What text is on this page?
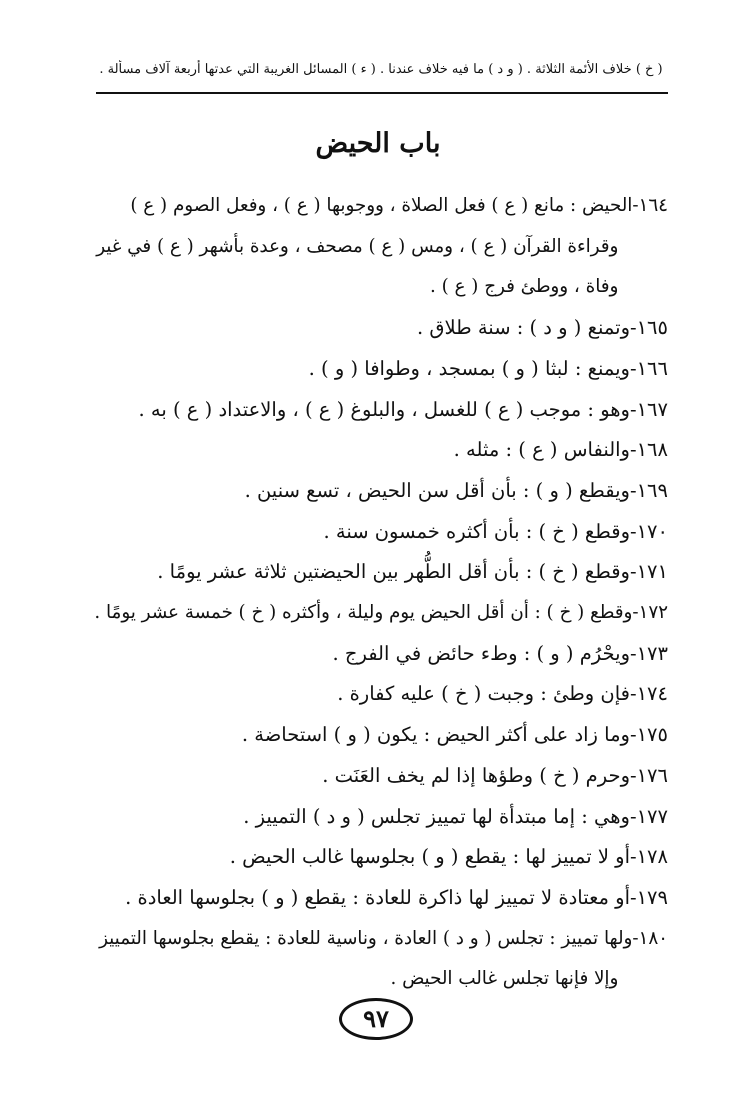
( خ ) خلاف الأئمة الثلاثة . ( و د ) ما فيه خلاف عندنا . ( ء ) المسائل الغريبة التي عدتها أربعة آلاف مسألة .
باب الحيض
١٦٤-
الحيض : مانع ( ع ) فعل الصلاة ، ووجوبها ( ع ) ، وفعل الصوم ( ع )
وقراءة القرآن ( ع ) ، ومس ( ع ) مصحف ، وعدة بأشهر ( ع ) في غير
وفاة ، ووطئ فرج ( ع ) .
١٦٥-
وتمنع ( و د ) : سنة طلاق .
١٦٦-
ويمنع : لبثا ( و ) بمسجد ، وطوافا ( و ) .
١٦٧-
وهو : موجب ( ع ) للغسل ، والبلوغ ( ع ) ، والاعتداد ( ع ) به .
١٦٨-
والنفاس ( ع ) : مثله .
١٦٩-
ويقطع ( و ) : بأن أقل سن الحيض ، تسع سنين .
١٧٠-
وقطع ( خ ) : بأن أكثره خمسون سنة .
١٧١-
وقطع ( خ ) : بأن أقل الطُّهر بين الحيضتين ثلاثة عشر يومًا .
١٧٢-
وقطع ( خ ) : أن أقل الحيض يوم وليلة ، وأكثره ( خ ) خمسة عشر يومًا .
١٧٣-
ويحْرُم ( و ) : وطء حائض في الفرج .
١٧٤-
فإن وطئ : وجبت ( خ ) عليه كفارة .
١٧٥-
وما زاد على أكثر الحيض : يكون ( و ) استحاضة .
١٧٦-
وحرم ( خ ) وطؤها إذا لم يخف العَنَت .
١٧٧-
وهي : إما مبتدأة لها تمييز تجلس ( و د ) التمييز .
١٧٨-
أو لا تمييز لها : يقطع ( و ) بجلوسها غالب الحيض .
١٧٩-
أو معتادة لا تمييز لها ذاكرة للعادة : يقطع ( و ) بجلوسها العادة .
١٨٠-
ولها تمييز : تجلس ( و د ) العادة ، وناسية للعادة : يقطع بجلوسها التمييز
وإلا فإنها تجلس غالب الحيض .
٩٧
